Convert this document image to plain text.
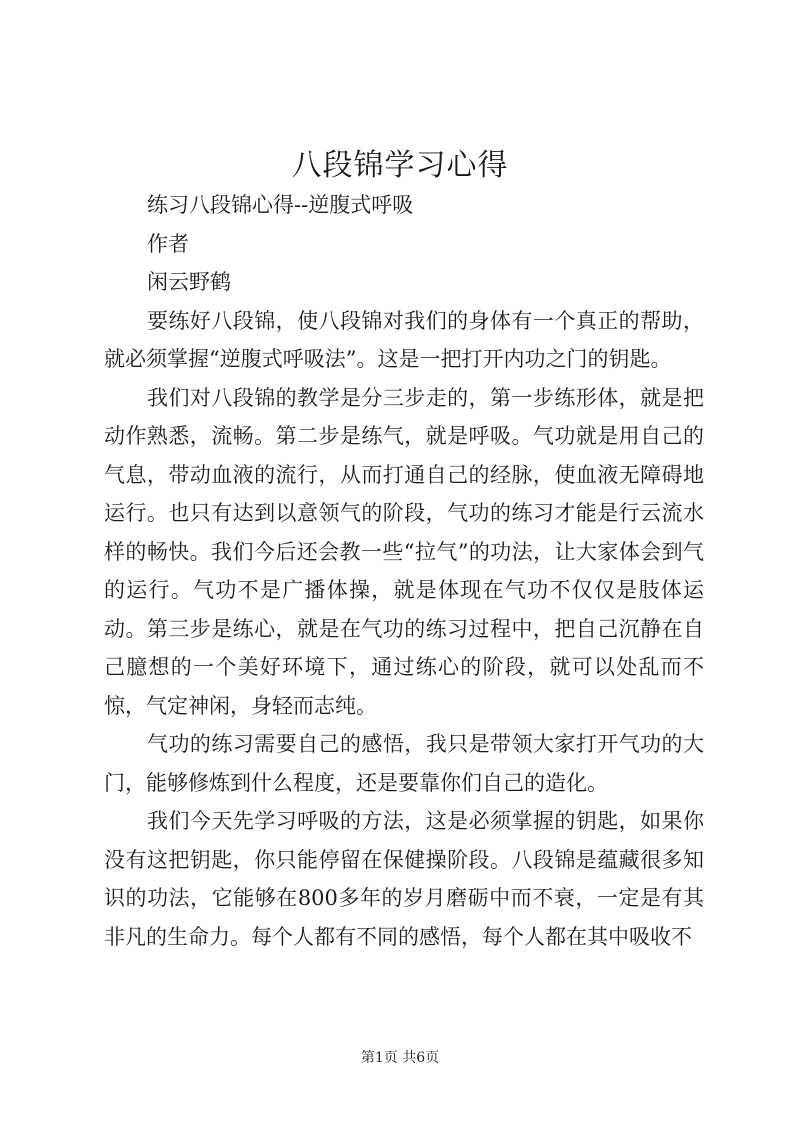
八段锦学习心得

练习八段锦心得--逆腹式呼吸

作者

闲云野鹤

要练好八段锦，使八段锦对我们的身体有一个真正的帮助，就必须掌握“逆腹式呼吸法”。这是一把打开内功之门的钥匙。

我们对八段锦的教学是分三步走的，第一步练形体，就是把动作熟悉，流畅。第二步是练气，就是呼吸。气功就是用自己的气息，带动血液的流行，从而打通自己的经脉，使血液无障碍地运行。也只有达到以意领气的阶段，气功的练习才能是行云流水样的畅快。我们今后还会教一些“拉气”的功法，让大家体会到气的运行。气功不是广播体操，就是体现在气功不仅仅是肢体运动。第三步是练心，就是在气功的练习过程中，把自己沉静在自己臆想的一个美好环境下，通过练心的阶段，就可以处乱而不惊，气定神闲，身轻而志纯。

气功的练习需要自己的感悟，我只是带领大家打开气功的大门，能够修炼到什么程度，还是要靠你们自己的造化。

我们今天先学习呼吸的方法，这是必须掌握的钥匙，如果你没有这把钥匙，你只能停留在保健操阶段。八段锦是蕴藏很多知识的功法，它能够在800多年的岁月磨砺中而不衰，一定是有其非凡的生命力。每个人都有不同的感悟，每个人都在其中吸收不

第1页 共6页
